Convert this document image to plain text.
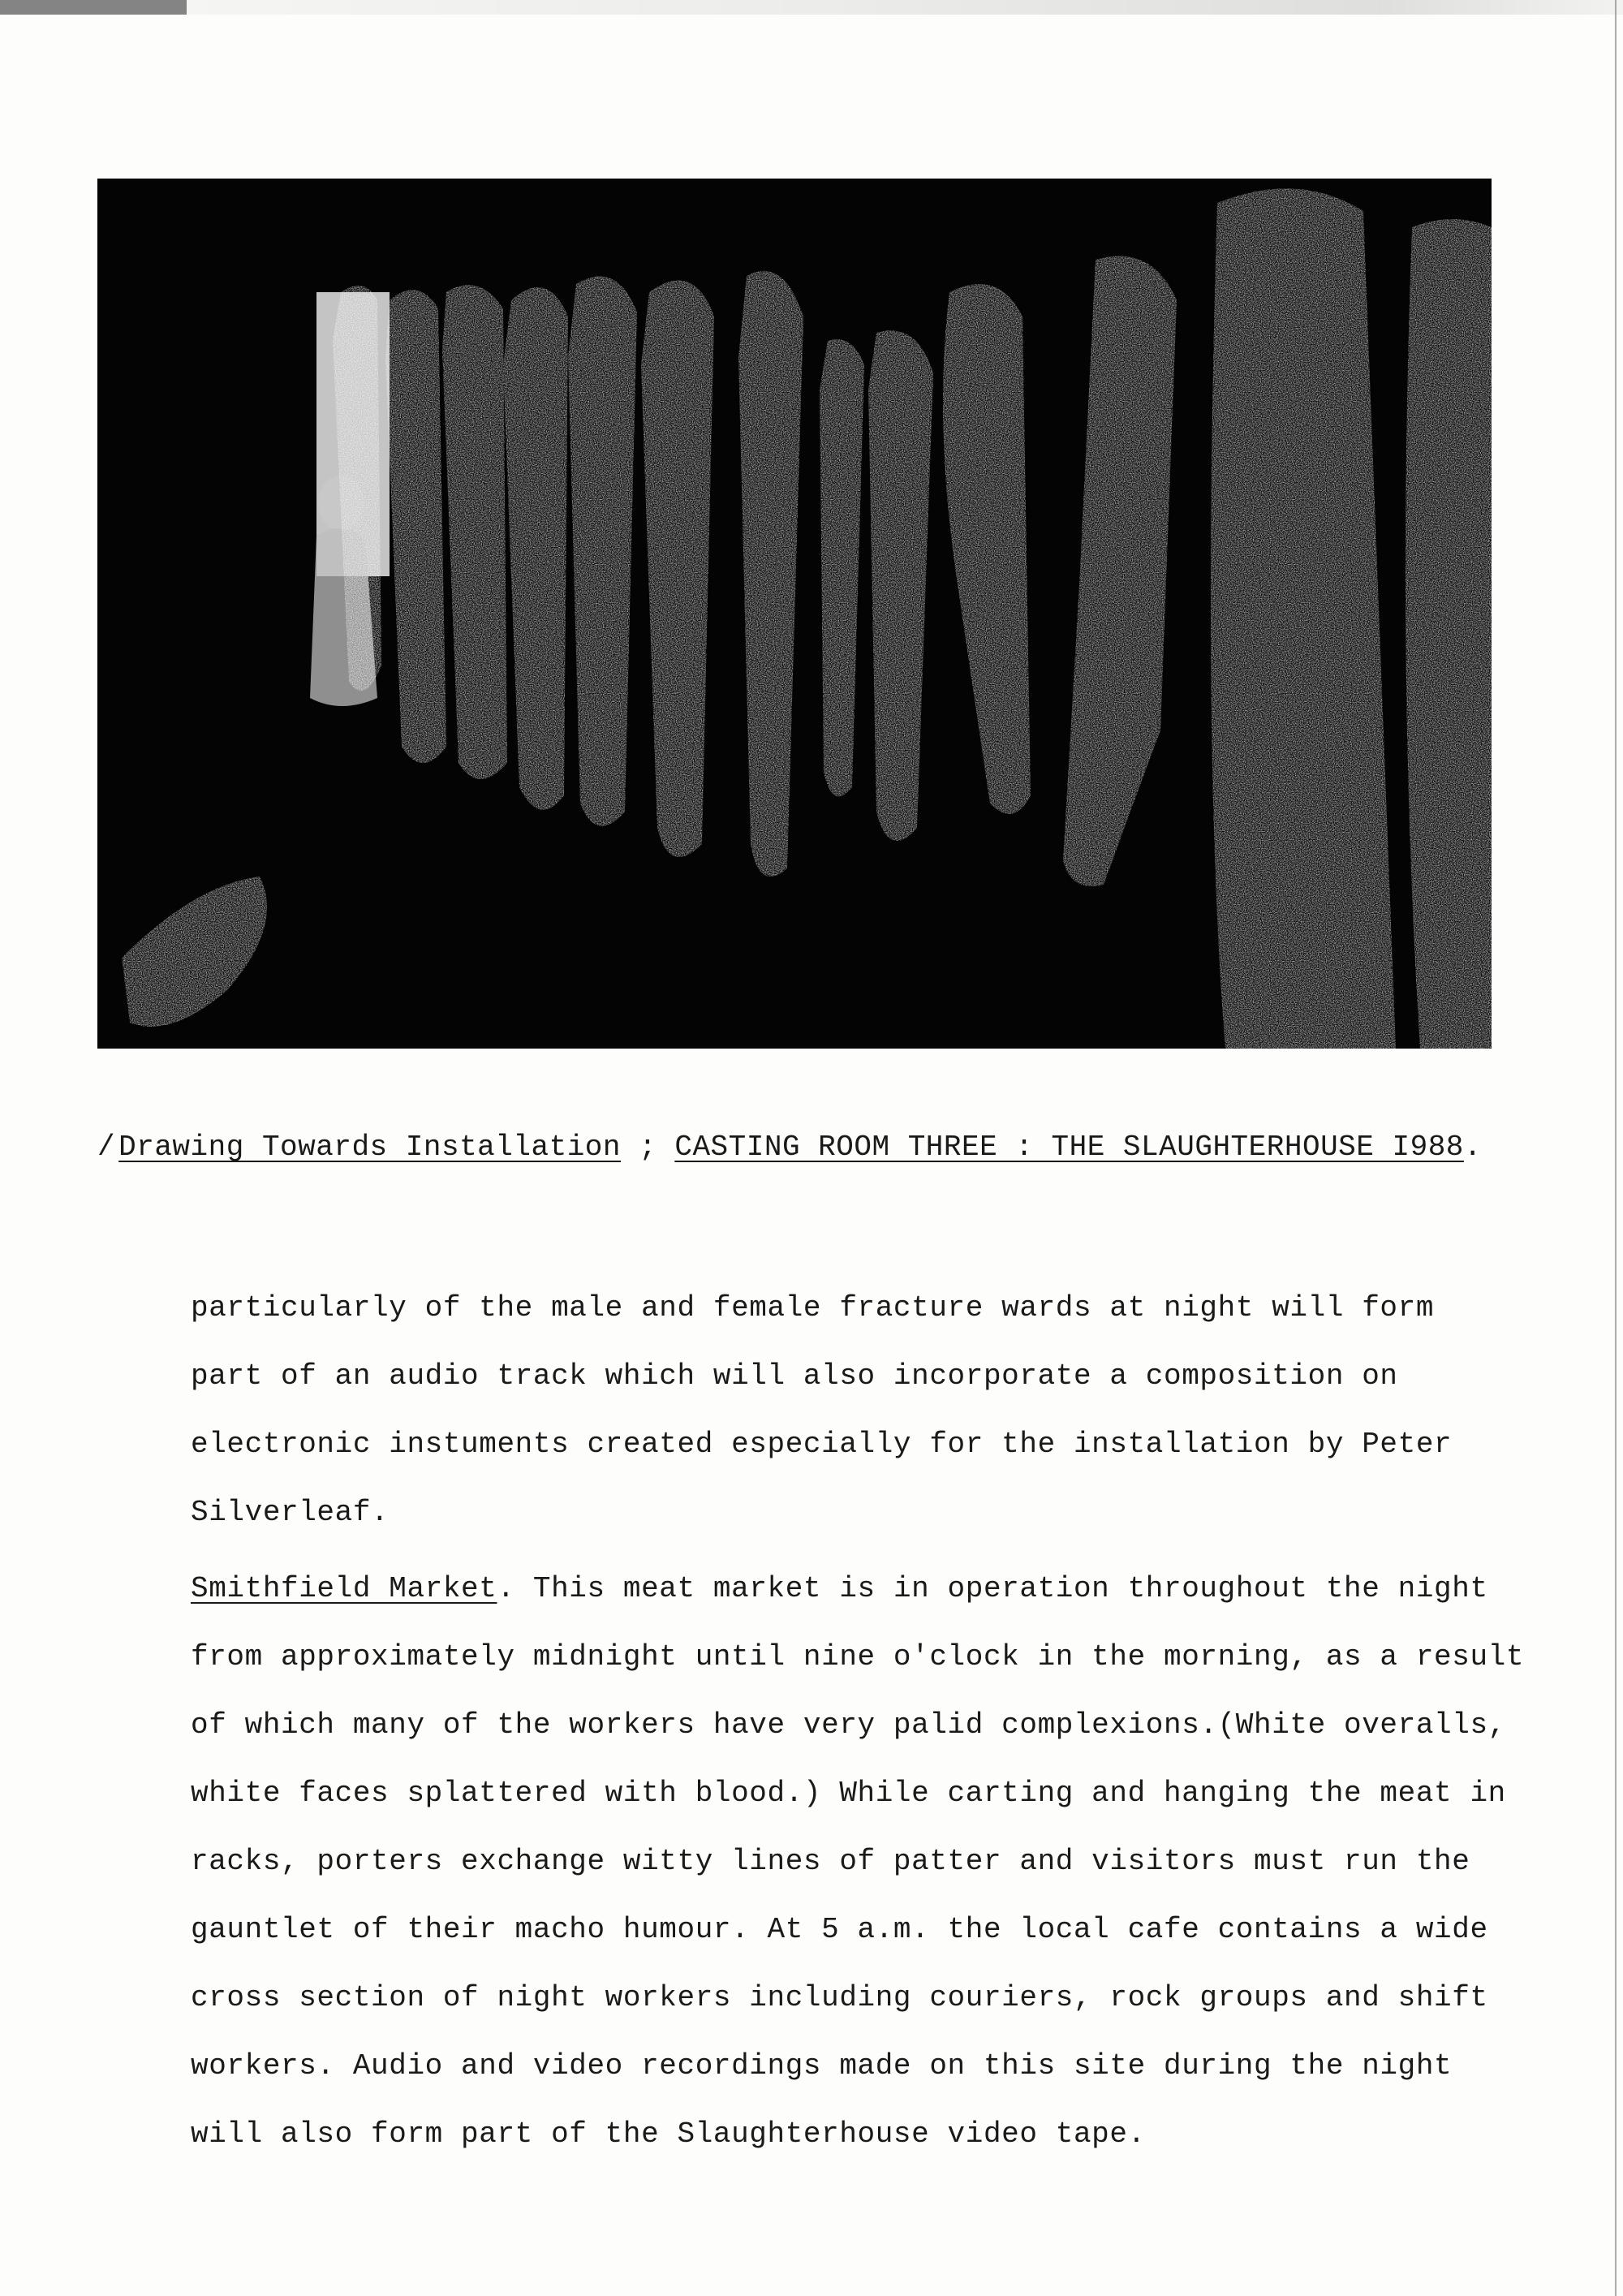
/ Drawing Towards Installation ; CASTING ROOM THREE : THE SLAUGHTERHOUSE I988.

particularly of the male and female fracture wards at night will form
part of an audio track which will also incorporate a composition on
electronic instuments created especially for the installation by Peter
Silverleaf.

Smithfield Market. This meat market is in operation throughout the night
from approximately midnight until nine o'clock in the morning, as a result
of which many of the workers have very palid complexions.(White overalls,
white faces splattered with blood.) While carting and hanging the meat in
racks, porters exchange witty lines of patter and visitors must run the
gauntlet of their macho humour. At 5 a.m. the local cafe contains a wide
cross section of night workers including couriers, rock groups and shift
workers. Audio and video recordings made on this site during the night
will also form part of the Slaughterhouse video tape.
